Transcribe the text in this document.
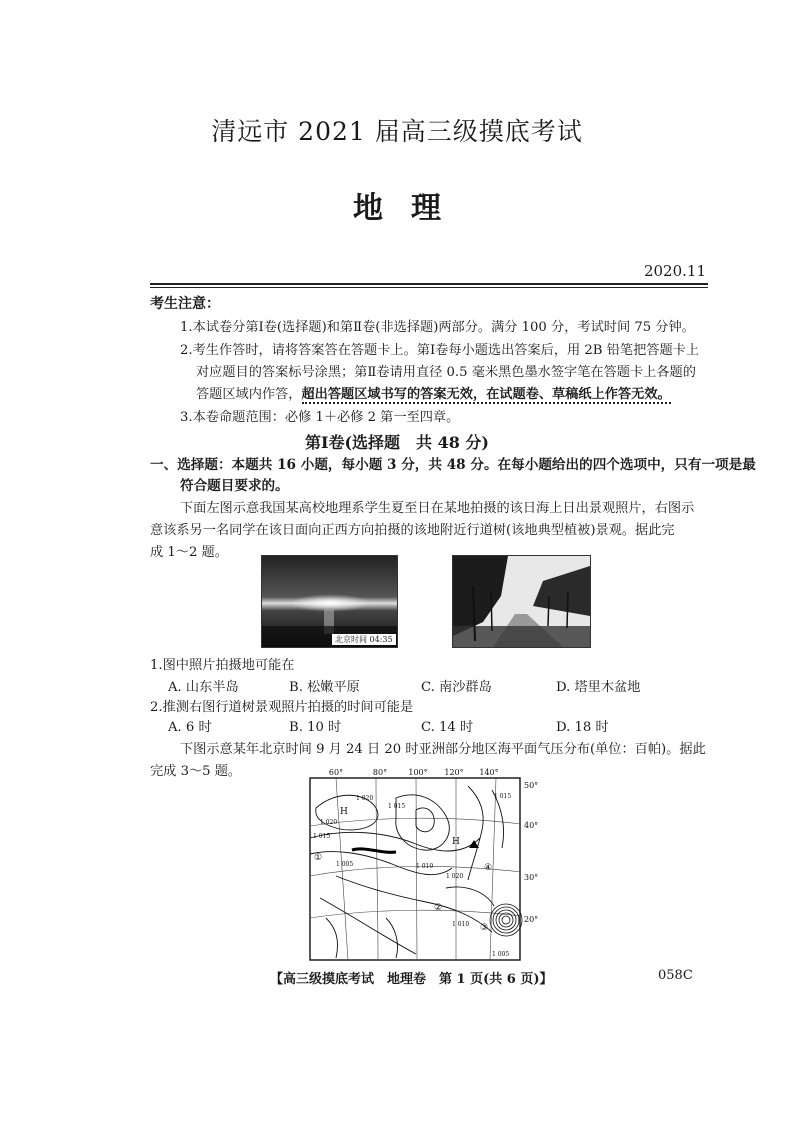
清远市 2021 届高三级摸底考试
地理
2020.11
考生注意：
1.本试卷分第Ⅰ卷(选择题)和第Ⅱ卷(非选择题)两部分。满分 100 分，考试时间 75 分钟。
2.考生作答时，请将答案答在答题卡上。第Ⅰ卷每小题选出答案后，用 2B 铅笔把答题卡上
对应题目的答案标号涂黑；第Ⅱ卷请用直径 0.5 毫米黑色墨水签字笔在答题卡上各题的
答题区域内作答，超出答题区域书写的答案无效，在试题卷、草稿纸上作答无效。
3.本卷命题范围：必修 1＋必修 2 第一至四章。
第Ⅰ卷(选择题　共 48 分)
一、选择题：本题共 16 小题，每小题 3 分，共 48 分。在每小题给出的四个选项中，只有一项是最
符合题目要求的。
下面左图示意我国某高校地理系学生夏至日在某地拍摄的该日海上日出景观照片，右图示
意该系另一名同学在该日面向正西方向拍摄的该地附近行道树(该地典型植被)景观。据此完
成 1～2 题。
北京时间 04:35
1.图中照片拍摄地可能在
A. 山东半岛	B. 松嫩平原	C. 南沙群岛	D. 塔里木盆地
2.推测右图行道树景观照片拍摄的时间可能是
A. 6 时	B. 10 时	C. 14 时	D. 18 时
下图示意某年北京时间 9 月 24 日 20 时亚洲部分地区海平面气压分布(单位：百帕)。据此
完成 3～5 题。	60°	80°	100° 120° 140°
50°
40°
30°
20°
1 015
1 020
1 005	1 010
1 015
1 020
1 010
1 005
1 015
1 020
H
H
①
②
③
④
【高三级摸底考试　地理卷　第 1 页(共 6 页)】	058C
